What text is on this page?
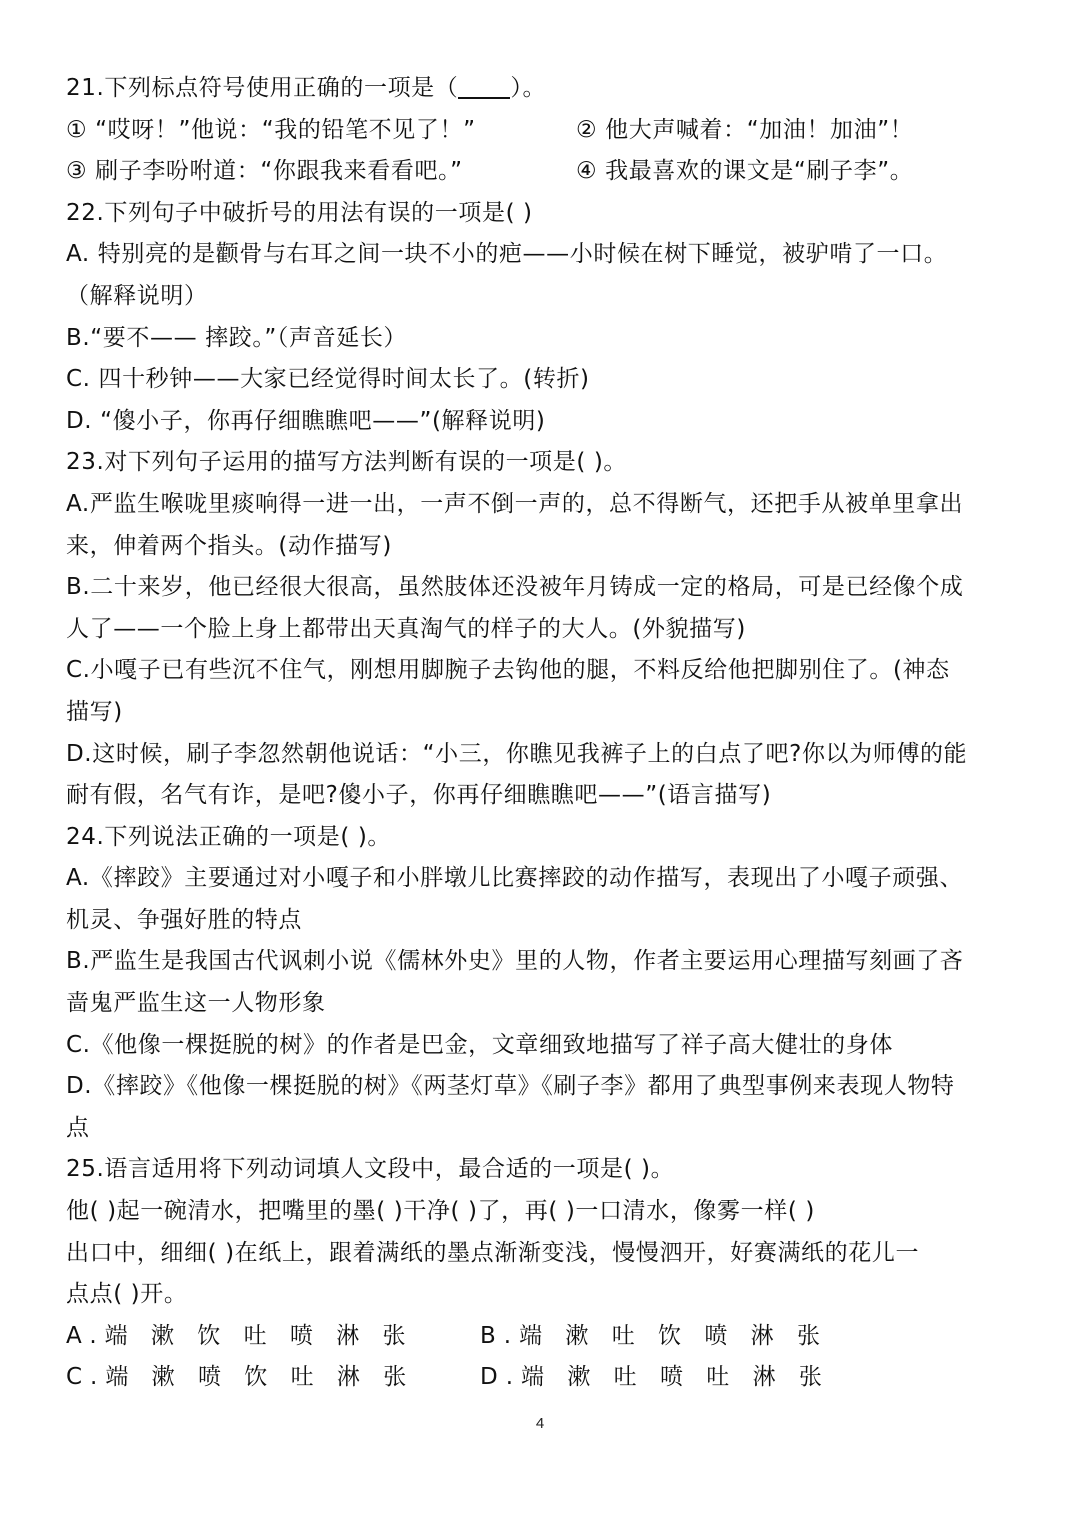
21.下列标点符号使用正确的一项是（ ）。
① “哎呀！”他说：“我的铅笔不见了！”	② 他大声喊着：“加油！加油”！
③ 刷子李吩咐道：“你跟我来看看吧。”	④ 我最喜欢的课文是“刷子李”。
22.下列句子中破折号的用法有误的一项是( )
A. 特别亮的是颧骨与右耳之间一块不小的疤——小时候在树下睡觉，被驴啃了一口。
（解释说明）
B.“要不—— 摔跤。”（声音延长）
C. 四十秒钟——大家已经觉得时间太长了。(转折)
D. “傻小子，你再仔细瞧瞧吧——”(解释说明)
23.对下列句子运用的描写方法判断有误的一项是( )。
A.严监生喉咙里痰响得一进一出，一声不倒一声的，总不得断气，还把手从被单里拿出
来，伸着两个指头。(动作描写)
B.二十来岁，他已经很大很高，虽然肢体还没被年月铸成一定的格局，可是已经像个成
人了——一个脸上身上都带出天真淘气的样子的大人。(外貌描写)
C.小嘎子已有些沉不住气，刚想用脚腕子去钩他的腿，不料反给他把脚别住了。(神态
描写)
D.这时候，刷子李忽然朝他说话：“小三，你瞧见我裤子上的白点了吧?你以为师傅的能
耐有假，名气有诈，是吧?傻小子，你再仔细瞧瞧吧——”(语言描写)
24.下列说法正确的一项是( )。
A.《摔跤》主要通过对小嘎子和小胖墩儿比赛摔跤的动作描写，表现出了小嘎子顽强、
机灵、争强好胜的特点
B.严监生是我国古代讽刺小说《儒林外史》里的人物，作者主要运用心理描写刻画了吝
啬鬼严监生这一人物形象
C.《他像一棵挺脱的树》的作者是巴金，文章细致地描写了祥子高大健壮的身体
D.《摔跤》《他像一棵挺脱的树》《两茎灯草》《刷子李》都用了典型事例来表现人物特
点
25.语言适用将下列动词填人文段中，最合适的一项是( )。
他( )起一碗清水，把嘴里的墨( )干净( )了，再( )一口清水，像雾一样( )
出口中，细细( )在纸上，跟着满纸的墨点渐渐变浅，慢慢泗开，好赛满纸的花儿一
点点( )开。
A.端 漱 饮 吐 喷 淋 张	B.端 漱 吐 饮 喷 淋 张
C.端 漱 喷 饮 吐 淋 张	D.端 漱 吐 喷 吐 淋 张
4
